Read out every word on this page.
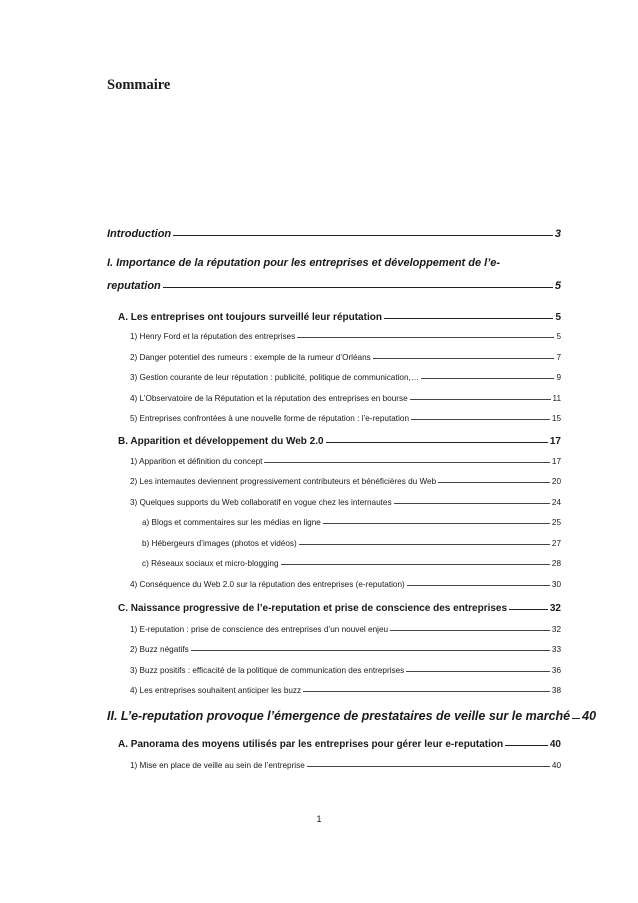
Sommaire
Introduction	3
I. Importance de la réputation pour les entreprises et développement de l’e-
reputation	5
A. Les entreprises ont toujours surveillé leur réputation	5
1) Henry Ford et la réputation des entreprises	5
2) Danger potentiel des rumeurs : exemple de la rumeur d’Orléans	7
3) Gestion courante de leur réputation : publicité, politique de communication,…	9
4) L’Observatoire de la Réputation et la réputation des entreprises en bourse	11
5) Entreprises confrontées à une nouvelle forme de réputation : l’e-reputation	15
B. Apparition et développement du Web 2.0	17
1) Apparition et définition du concept	17
2) Les internautes deviennent progressivement contributeurs et bénéficières du Web	20
3) Quelques supports du Web collaboratif en vogue chez les internautes	24
a) Blogs et commentaires sur les médias en ligne	25
b) Hébergeurs d’images (photos et vidéos)	27
c) Réseaux sociaux et micro-blogging	28
4) Conséquence du Web 2.0 sur la réputation des entreprises (e-reputation)	30
C. Naissance progressive de l’e-reputation et prise de conscience des entreprises	32
1) E-reputation : prise de conscience des entreprises d’un nouvel enjeu	32
2) Buzz négatifs	33
3) Buzz positifs : efficacité de la politique de communication des entreprises	36
4) Les entreprises souhaitent anticiper les buzz	38
II. L’e-reputation provoque l’émergence de prestataires de veille sur le marché 40
A. Panorama des moyens utilisés par les entreprises pour gérer leur e-reputation	40
1) Mise en place de veille au sein de l’entreprise	40
1
